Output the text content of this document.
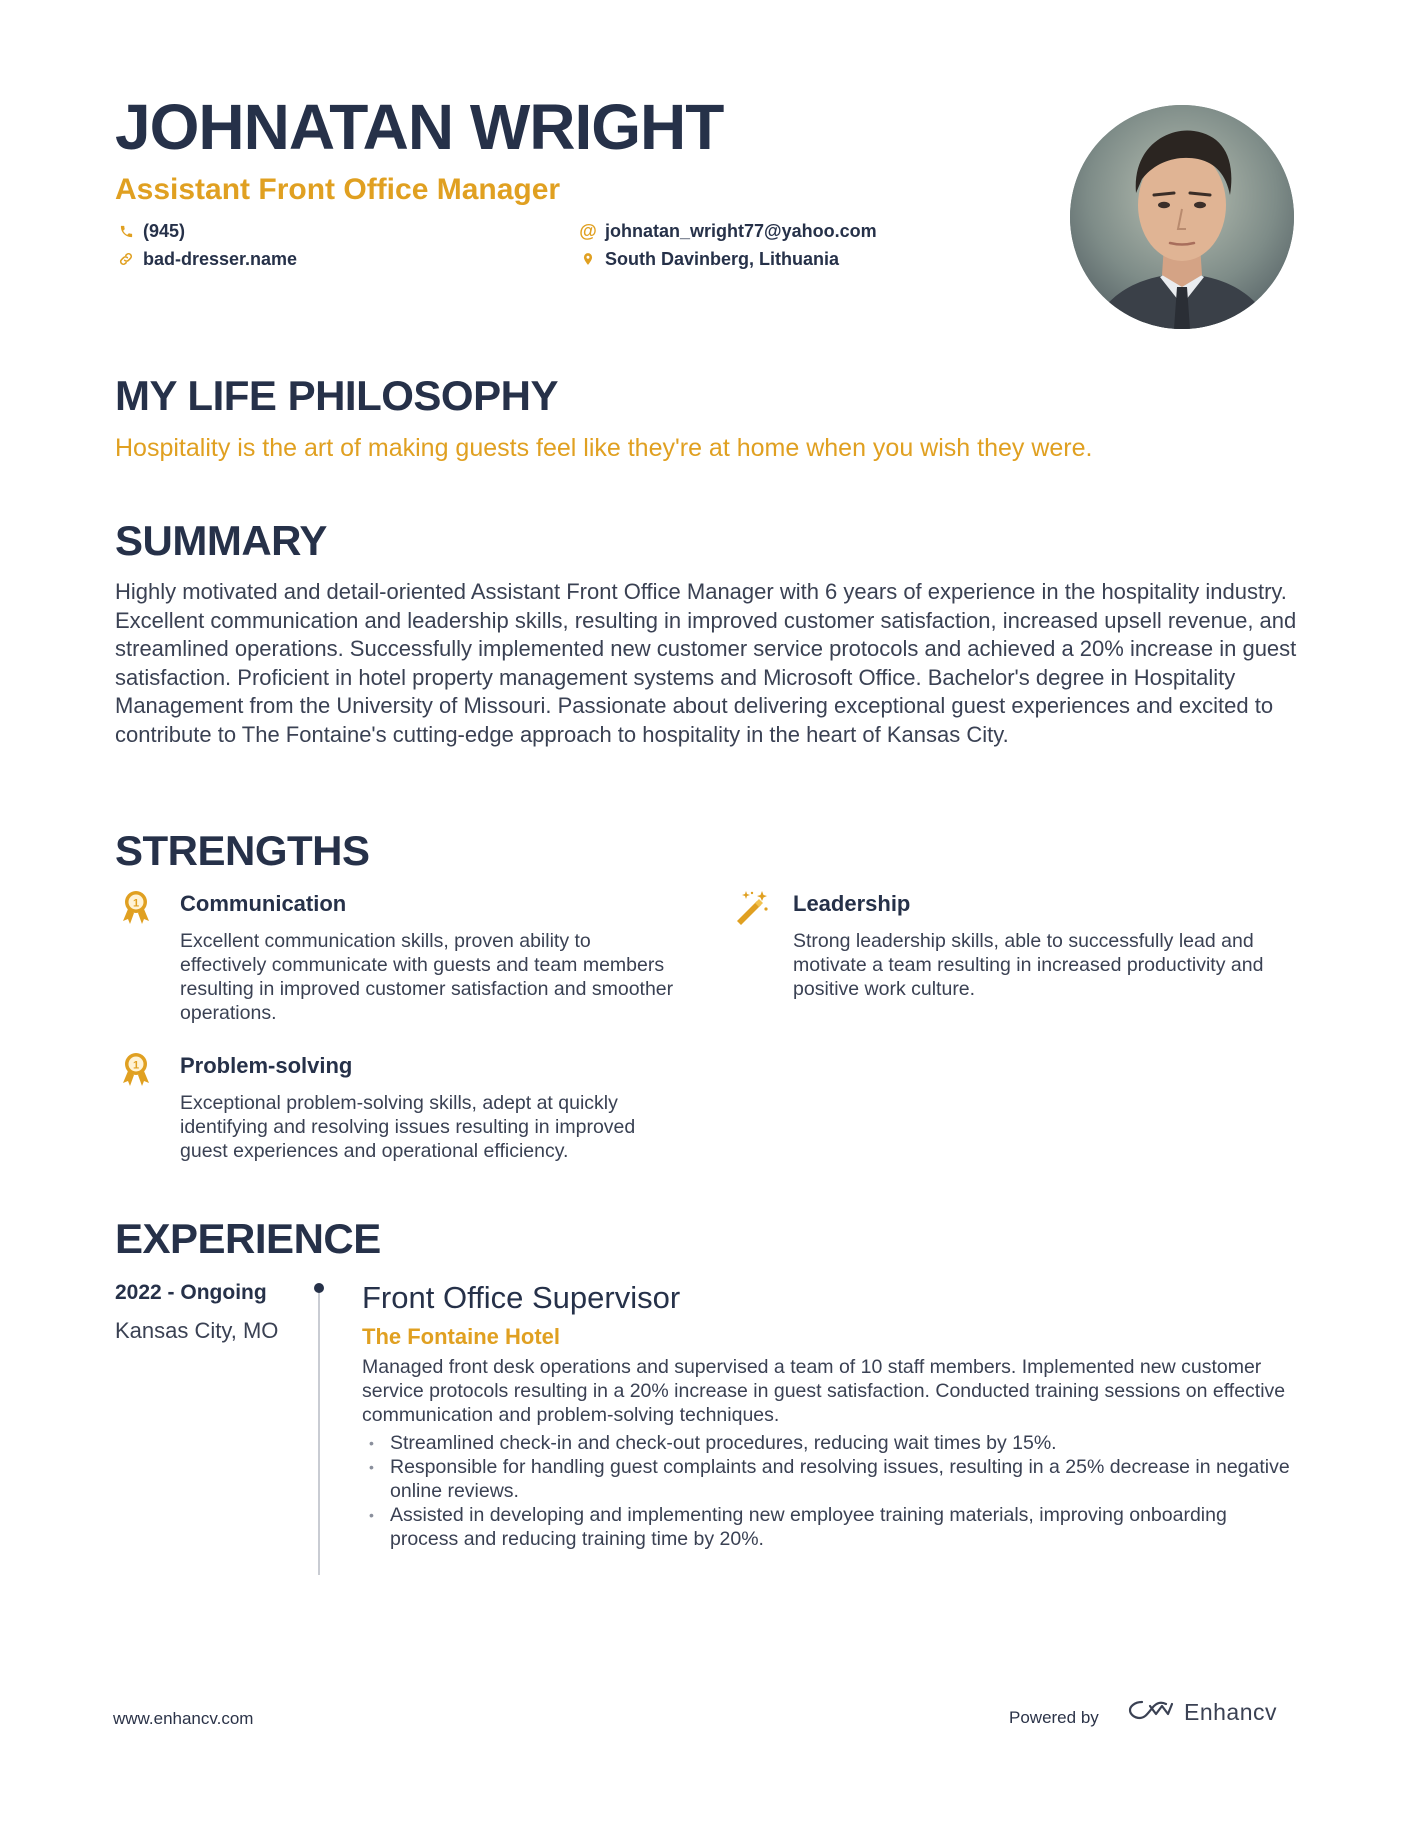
JOHNATAN WRIGHT
Assistant Front Office Manager
(945)	@ johnatan_wright77@yahoo.com
bad-dresser.name	South Davinberg, Lithuania
MY LIFE PHILOSOPHY
Hospitality is the art of making guests feel like they're at home when you wish they were.
SUMMARY

Highly motivated and detail-oriented Assistant Front Office Manager with 6 years of experience in the hospitality industry. Excellent communication and leadership skills, resulting in improved customer satisfaction, increased upsell revenue, and streamlined operations. Successfully implemented new customer service protocols and achieved a 20% increase in guest satisfaction. Proficient in hotel property management systems and Microsoft Office. Bachelor's degree in Hospitality Management from the University of Missouri. Passionate about delivering exceptional guest experiences and excited to contribute to The Fontaine's cutting-edge approach to hospitality in the heart of Kansas City.

STRENGTHS
1 Communication

Excellent communication skills, proven ability to effectively communicate with guests and team members resulting in improved customer satisfaction and smoother operations.

Leadership

Strong leadership skills, able to successfully lead and motivate a team resulting in increased productivity and positive work culture.

1 Problem-solving

Exceptional problem-solving skills, adept at quickly identifying and resolving issues resulting in improved guest experiences and operational efficiency.

EXPERIENCE
2022 - Ongoing
Kansas City, MO
Front Office Supervisor
The Fontaine Hotel

Managed front desk operations and supervised a team of 10 staff members. Implemented new customer service protocols resulting in a 20% increase in guest satisfaction. Conducted training sessions on effective communication and problem-solving techniques.

• Streamlined check-in and check-out procedures, reducing wait times by 15%.
• Responsible for handling guest complaints and resolving issues, resulting in a 25% decrease in negative online reviews.
• Assisted in developing and implementing new employee training materials, improving onboarding process and reducing training time by 20%.
www.enhancv.com	Powered by	Enhancv
